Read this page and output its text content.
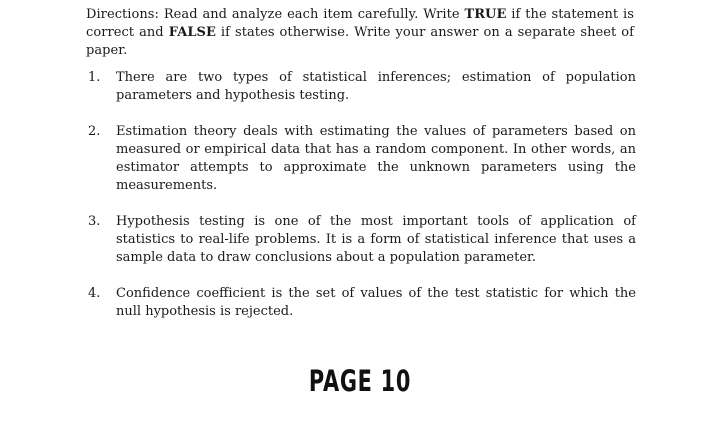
Directions: Read and analyze each item carefully. Write TRUE if the statement is correct and FALSE if states otherwise. Write your answer on a separate sheet of paper.
1.	There are two types of statistical inferences; estimation of population parameters and hypothesis testing.
2.	Estimation theory deals with estimating the values of parameters based on measured or empirical data that has a random component. In other words, an estimator attempts to approximate the unknown parameters using the measurements.
3.	Hypothesis testing is one of the most important tools of application of statistics to real-life problems. It is a form of statistical inference that uses a sample data to draw conclusions about a population parameter.
4.	Confidence coefficient is the set of values of the test statistic for which the null hypothesis is rejected.
PAGE 10
